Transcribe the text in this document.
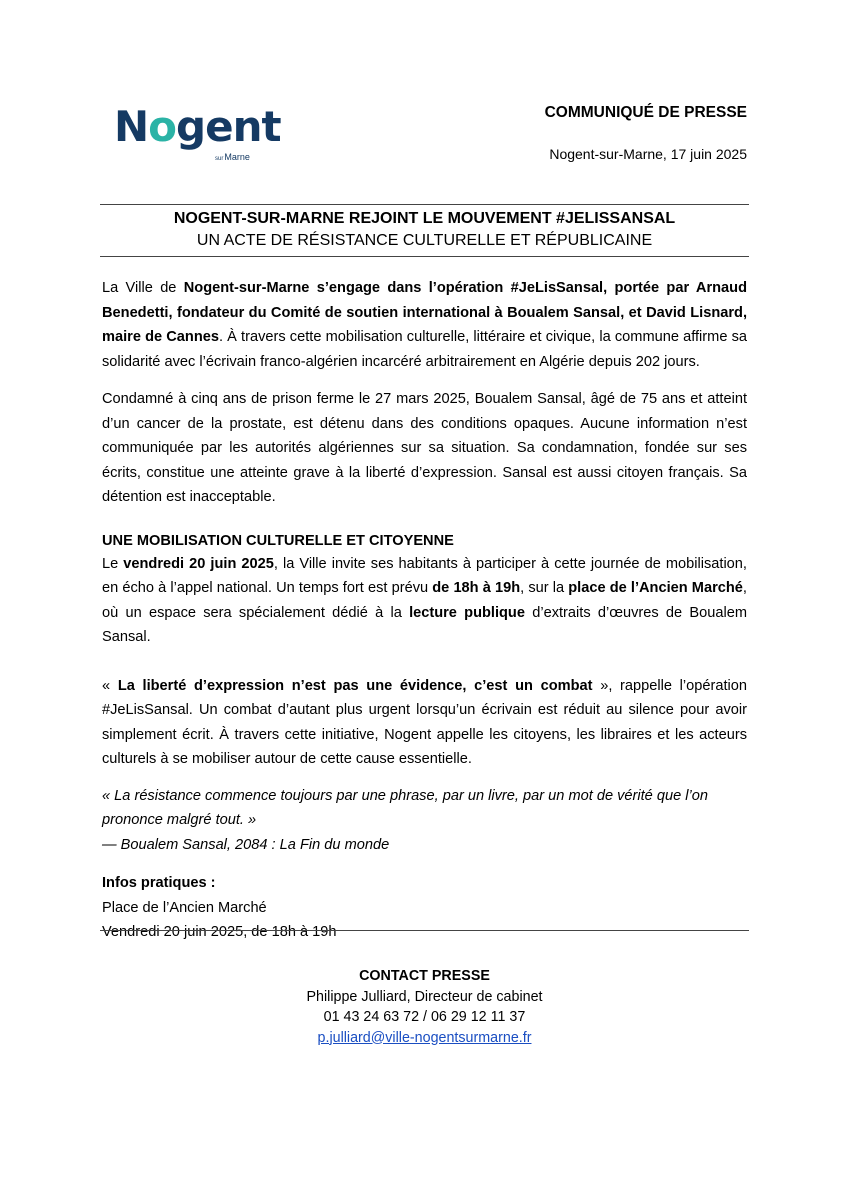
Nogent
surMarne
COMMUNIQUÉ DE PRESSE
Nogent-sur-Marne, 17 juin 2025
NOGENT-SUR-MARNE REJOINT LE MOUVEMENT #JELISSANSAL
UN ACTE DE RÉSISTANCE CULTURELLE ET RÉPUBLICAINE

La Ville de Nogent-sur-Marne s’engage dans l’opération #JeLisSansal, portée par Arnaud Benedetti, fondateur du Comité de soutien international à Boualem Sansal, et David Lisnard, maire de Cannes. À travers cette mobilisation culturelle, littéraire et civique, la commune affirme sa solidarité avec l’écrivain franco-algérien incarcéré arbitrairement en Algérie depuis 202 jours.

Condamné à cinq ans de prison ferme le 27 mars 2025, Boualem Sansal, âgé de 75 ans et atteint d’un cancer de la prostate, est détenu dans des conditions opaques. Aucune information n’est communiquée par les autorités algériennes sur sa situation. Sa condamnation, fondée sur ses écrits, constitue une atteinte grave à la liberté d’expression. Sansal est aussi citoyen français. Sa détention est inacceptable.

UNE MOBILISATION CULTURELLE ET CITOYENNE

Le vendredi 20 juin 2025, la Ville invite ses habitants à participer à cette journée de mobilisation, en écho à l’appel national. Un temps fort est prévu de 18h à 19h, sur la place de l’Ancien Marché, où un espace sera spécialement dédié à la lecture publique d’extraits d’œuvres de Boualem Sansal.

« La liberté d’expression n’est pas une évidence, c’est un combat », rappelle l’opération #JeLisSansal. Un combat d’autant plus urgent lorsqu’un écrivain est réduit au silence pour avoir simplement écrit. À travers cette initiative, Nogent appelle les citoyens, les libraires et les acteurs culturels à se mobiliser autour de cette cause essentielle.

« La résistance commence toujours par une phrase, par un livre, par un mot de vérité que l’on prononce malgré tout. »

— Boualem Sansal, 2084 : La Fin du monde

Infos pratiques :

Place de l’Ancien Marché

Vendredi 20 juin 2025, de 18h à 19h

CONTACT PRESSE
Philippe Julliard, Directeur de cabinet
01 43 24 63 72 / 06 29 12 11 37
p.julliard@ville-nogentsurmarne.fr
